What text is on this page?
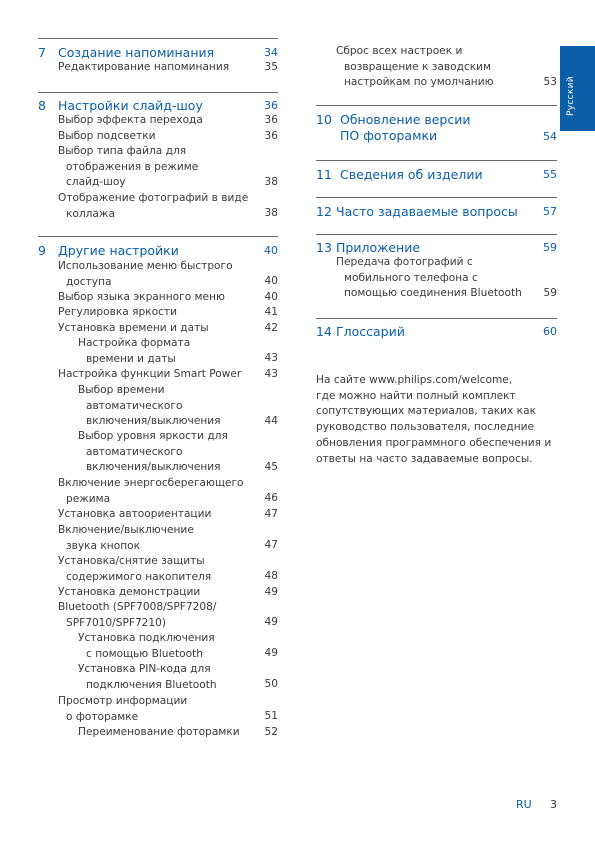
Русский
7 Создание напоминания	34
Редактирование напоминания	35
8 Настройки слайд-шоу	36
Выбор эффекта перехода	36
Выбор подсветки	36
Выбор типа файла для
отображения в режиме
слайд-шоу	38
Отображение фотографий в виде
коллажа	38
9 Другие настройки	40
Использование меню быстрого
доступа	40
Выбор языка экранного меню	40
Регулировка яркости	41
Установка времени и даты	42
Настройка формата
времени и даты	43
Настройка функции Smart Power	43
Выбор времени
автоматического
включения/выключения	44
Выбор уровня яркости для
автоматического
включения/выключения	45
Включение энергосберегающего
режима	46
Установка автоориентации	47
Включение/выключение
звука кнопок	47
Установка/снятие защиты
содержимого накопителя	48
Установка демонстрации	49
Bluetooth (SPF7008/SPF7208/
SPF7010/SPF7210)	49
Установка подключения
с помощью Bluetooth	49
Установка PIN-кода для
подключения Bluetooth	50
Просмотр информации
о фоторамке	51
Переименование фоторамки	52
Сброс всех настроек и
возвращение к заводским
настройкам по умолчанию	53
10 Обновление версии
ПО фоторамки	54
11 Сведения об изделии	55
12 Часто задаваемые вопросы 57
13 Приложение	59
Передача фотографий с
мобильного телефона с
помощью соединения Bluetooth	59
14 Глоссарий	60
На сайте www.philips.com/welcome,
где можно найти полный комплект
сопутствующих материалов, таких как
руководство пользователя, последние
обновления программного обеспечения и
ответы на часто задаваемые вопросы.
RU 3
